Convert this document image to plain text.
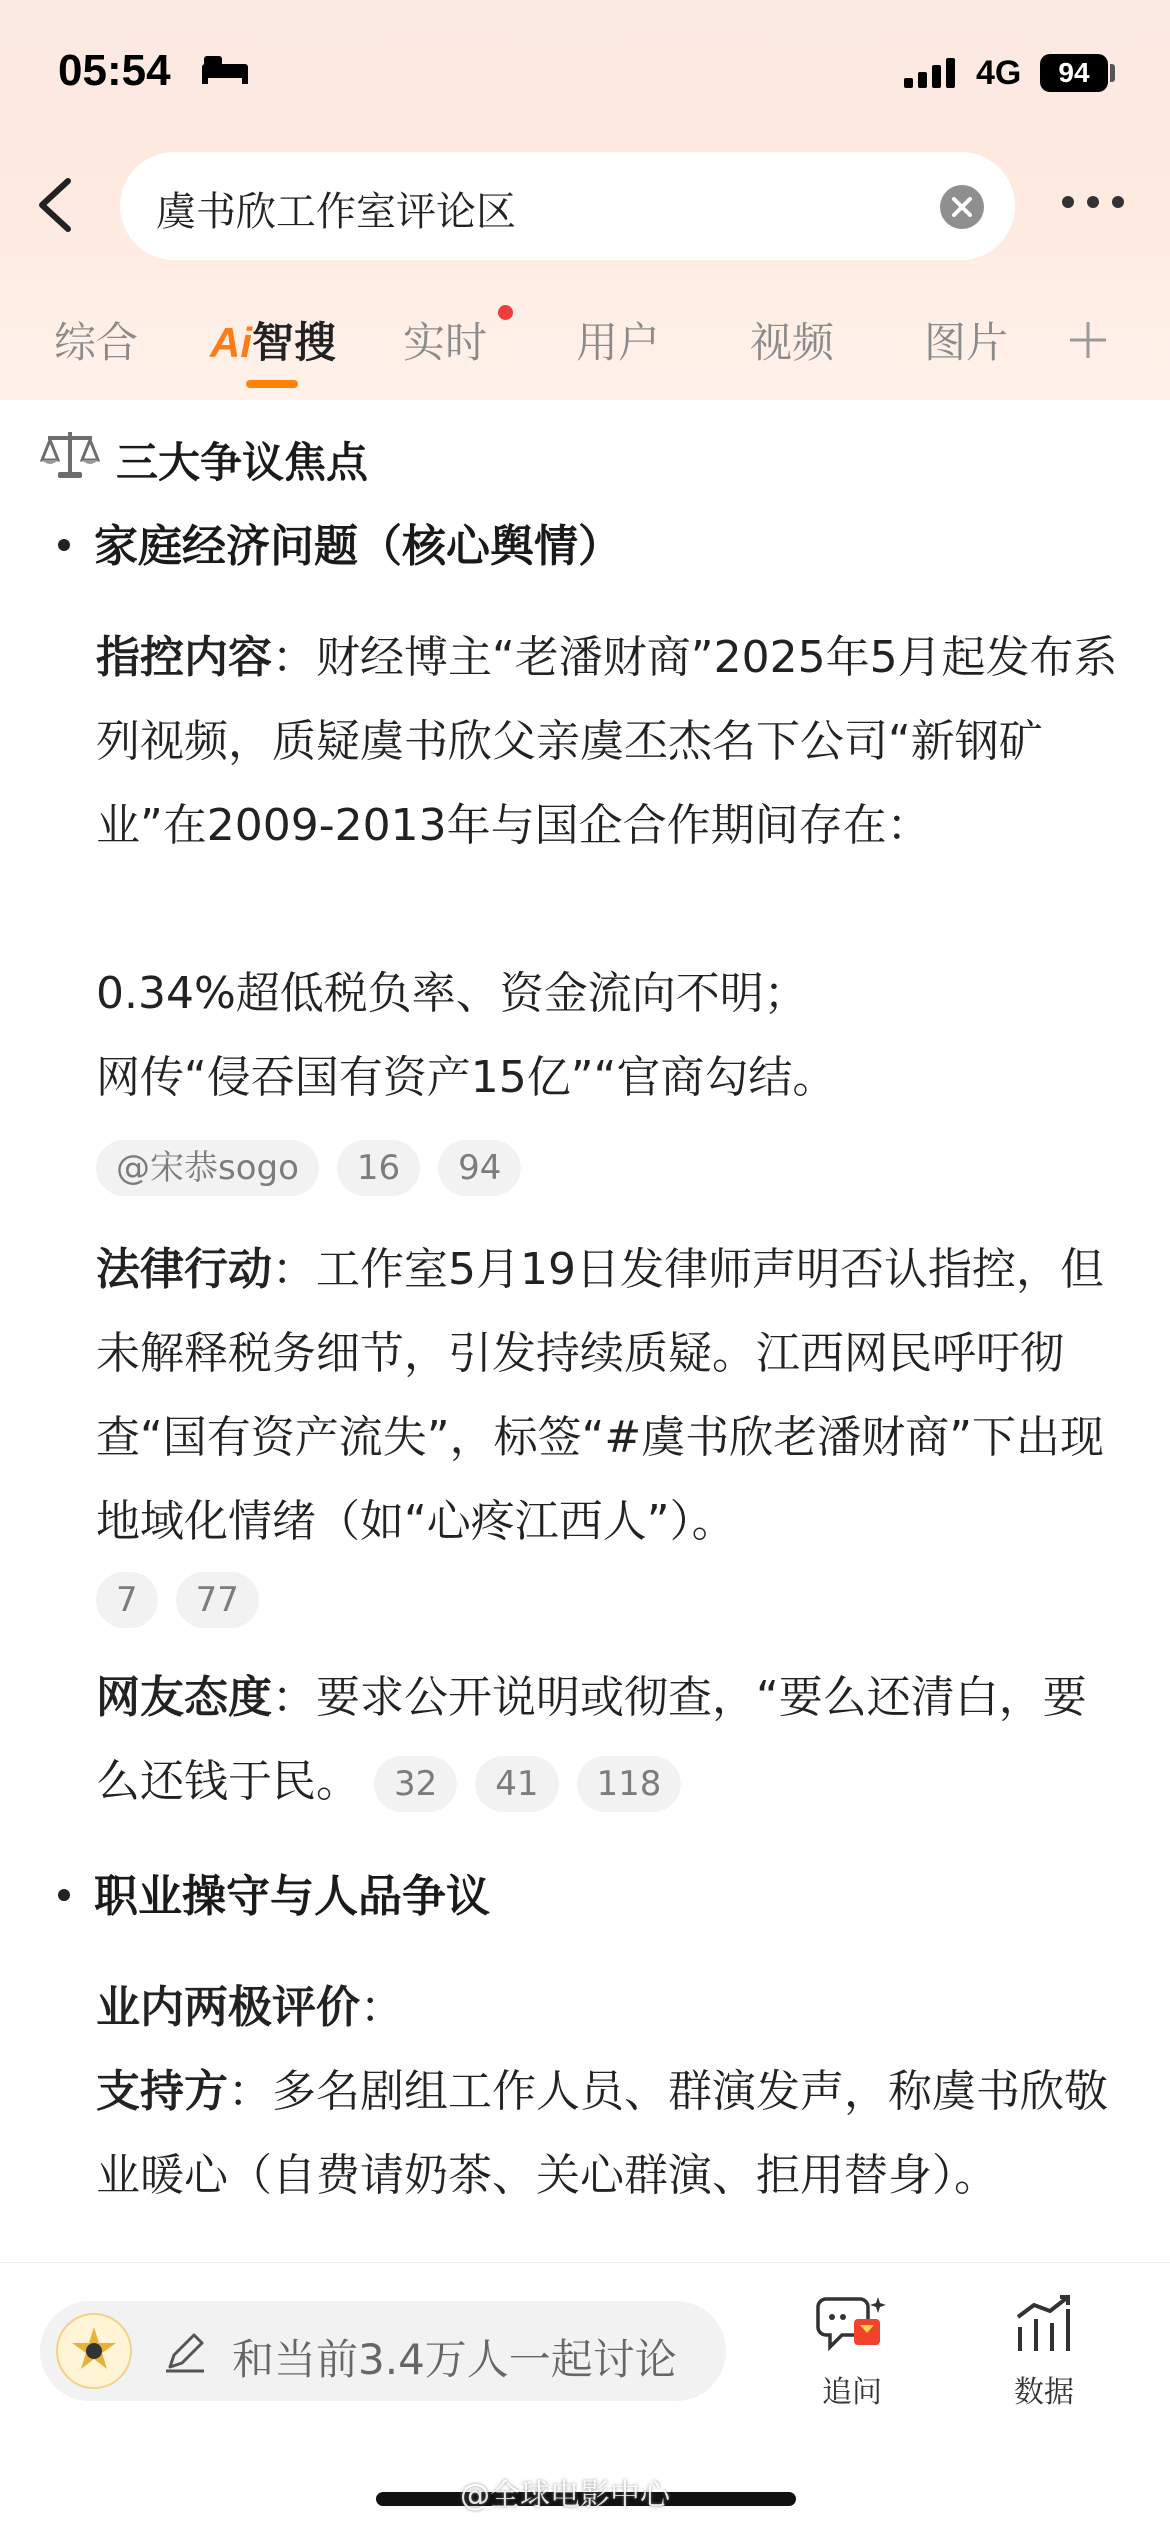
05:54	4G	94
虞书欣工作室评论区
综合 Ai智搜 实时 用户 视频 图片
三大争议焦点
家庭经济问题（核心舆情）
指控内容：财经博主“老潘财商”2025年5月起发布系列视频，质疑虞书欣父亲虞丕杰名下公司“新钢矿业”在2009-2013年与国企合作期间存在：
0.34%超低税负率、资金流向不明；
网传“侵吞国有资产15亿”“官商勾结。
@宋恭sogo 16 94
法律行动：工作室5月19日发律师声明否认指控，但未解释税务细节，引发持续质疑。江西网民呼吁彻查“国有资产流失”，标签“#虞书欣老潘财商”下出现地域化情绪（如“心疼江西人”）。
7 77
网友态度：要求公开说明或彻查，“要么还清白，要么还钱于民。 32 41 118
职业操守与人品争议
业内两极评价：
支持方：多名剧组工作人员、群演发声，称虞书欣敬业暖心（自费请奶茶、关心群演、拒用替身）。
和当前3.4万人一起讨论
追问	数据
@全球电影中心
